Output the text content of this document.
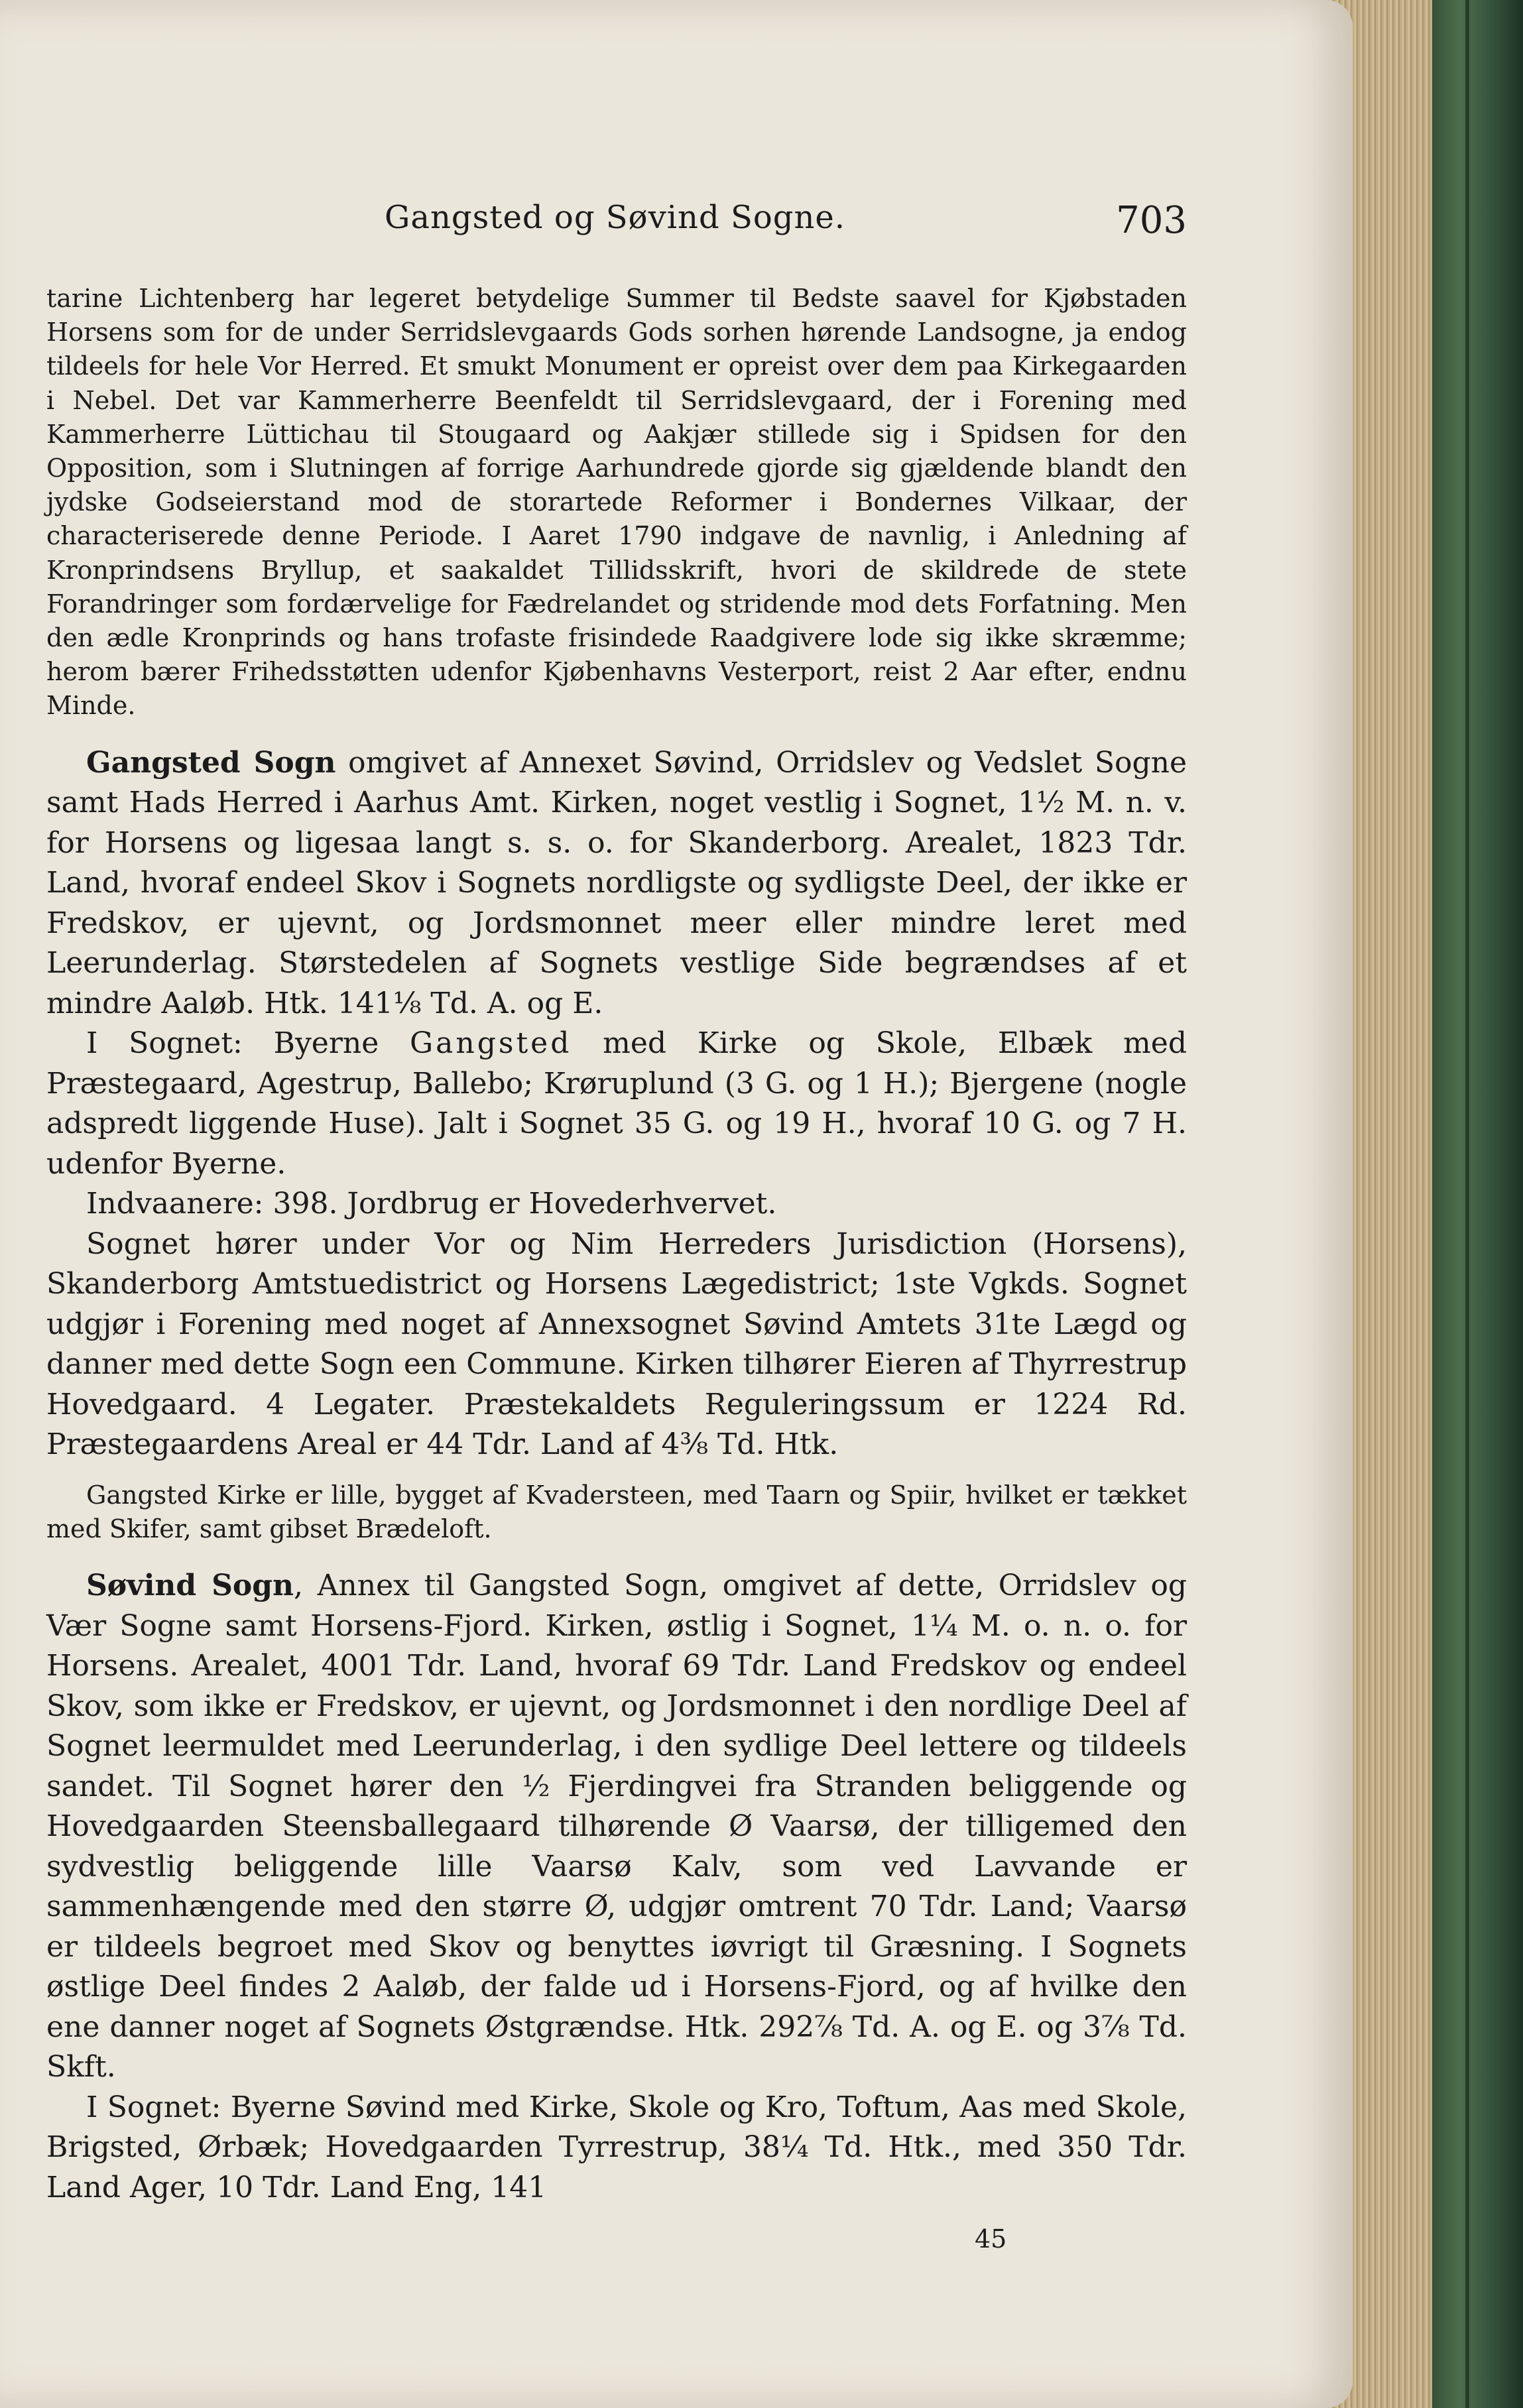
Gangsted og Søvind Sogne.	703

tarine Lichtenberg har legeret betydelige Summer til Bedste saavel for Kjøbstaden Horsens som for de under Serridslevgaards Gods sorhen hørende Landsogne, ja endog tildeels for hele Vor Herred. Et smukt Monument er opreist over dem paa Kirkegaarden i Nebel. Det var Kammerherre Beenfeldt til Serridslevgaard, der i Forening med Kammerherre Lüttichau til Stougaard og Aakjær stillede sig i Spidsen for den Opposition, som i Slutningen af forrige Aarhundrede gjorde sig gjældende blandt den jydske Godseierstand mod de storartede Reformer i Bondernes Vilkaar, der characteriserede denne Periode. I Aaret 1790 indgave de navnlig, i Anledning af Kronprindsens Bryllup, et saakaldet Tillidsskrift, hvori de skildrede de stete Forandringer som fordærvelige for Fædrelandet og stridende mod dets Forfatning. Men den ædle Kronprinds og hans trofaste frisindede Raadgivere lode sig ikke skræmme; herom bærer Frihedsstøtten udenfor Kjøbenhavns Vesterport, reist 2 Aar efter, endnu Minde.

Gangsted Sogn omgivet af Annexet Søvind, Orridslev og Vedslet Sogne samt Hads Herred i Aarhus Amt. Kirken, noget vestlig i Sognet, 1½ M. n. v. for Horsens og ligesaa langt s. s. o. for Skanderborg. Arealet, 1823 Tdr. Land, hvoraf endeel Skov i Sognets nordligste og sydligste Deel, der ikke er Fredskov, er ujevnt, og Jordsmonnet meer eller mindre leret med Leerunderlag. Størstedelen af Sognets vestlige Side begrændses af et mindre Aaløb. Htk. 141⅛ Td. A. og E.

I Sognet: Byerne Gangsted med Kirke og Skole, Elbæk med Præstegaard, Agestrup, Ballebo; Krøruplund (3 G. og 1 H.); Bjergene (nogle adspredt liggende Huse). Jalt i Sognet 35 G. og 19 H., hvoraf 10 G. og 7 H. udenfor Byerne.

Indvaanere: 398. Jordbrug er Hovederhvervet.

Sognet hører under Vor og Nim Herreders Jurisdiction (Horsens), Skanderborg Amtstuedistrict og Horsens Lægedistrict; 1ste Vgkds. Sognet udgjør i Forening med noget af Annexsognet Søvind Amtets 31te Lægd og danner med dette Sogn een Commune. Kirken tilhører Eieren af Thyrrestrup Hovedgaard. 4 Legater. Præstekaldets Reguleringssum er 1224 Rd. Præstegaardens Areal er 44 Tdr. Land af 4⅜ Td. Htk.

Gangsted Kirke er lille, bygget af Kvadersteen, med Taarn og Spiir, hvilket er tækket med Skifer, samt gibset Brædeloft.

Søvind Sogn, Annex til Gangsted Sogn, omgivet af dette, Orridslev og Vær Sogne samt Horsens-Fjord. Kirken, østlig i Sognet, 1¼ M. o. n. o. for Horsens. Arealet, 4001 Tdr. Land, hvoraf 69 Tdr. Land Fredskov og endeel Skov, som ikke er Fredskov, er ujevnt, og Jordsmonnet i den nordlige Deel af Sognet leermuldet med Leerunderlag, i den sydlige Deel lettere og tildeels sandet. Til Sognet hører den ½ Fjerdingvei fra Stranden beliggende og Hovedgaarden Steensballegaard tilhørende Ø Vaarsø, der tilligemed den sydvestlig beliggende lille Vaarsø Kalv, som ved Lavvande er sammenhængende med den større Ø, udgjør omtrent 70 Tdr. Land; Vaarsø er tildeels begroet med Skov og benyttes iøvrigt til Græsning. I Sognets østlige Deel findes 2 Aaløb, der falde ud i Horsens-Fjord, og af hvilke den ene danner noget af Sognets Østgrændse. Htk. 292⅞ Td. A. og E. og 3⅞ Td. Skft.

I Sognet: Byerne Søvind med Kirke, Skole og Kro, Toftum, Aas med Skole, Brigsted, Ørbæk; Hovedgaarden Tyrrestrup, 38¼ Td. Htk., med 350 Tdr. Land Ager, 10 Tdr. Land Eng, 141

45
